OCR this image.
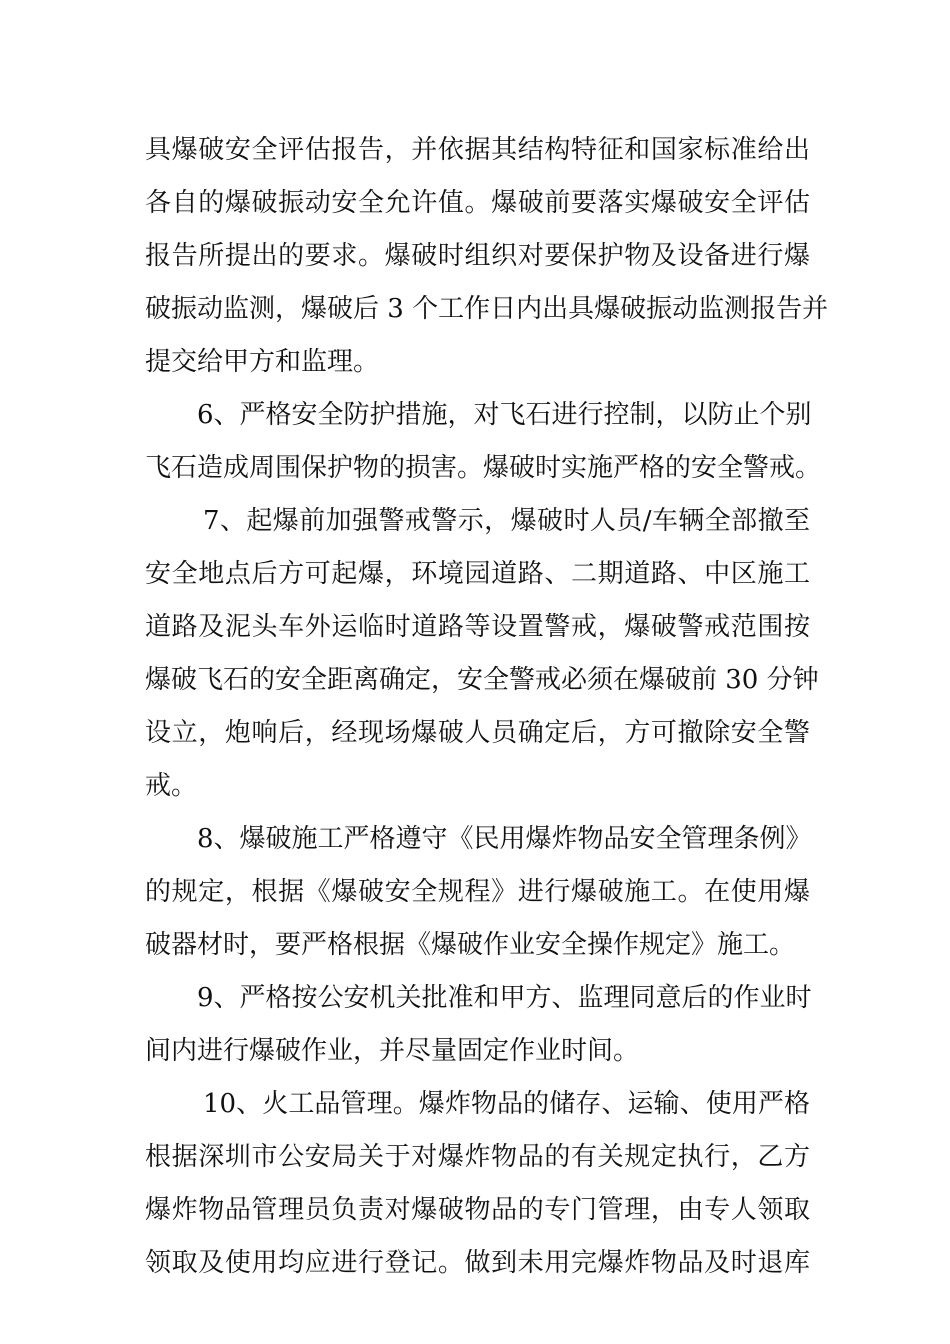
具爆破安全评估报告，并依据其结构特征和国家标准给出
各自的爆破振动安全允许值。爆破前要落实爆破安全评估
报告所提出的要求。爆破时组织对要保护物及设备进行爆
破振动监测，爆破后 3 个工作日内出具爆破振动监测报告并
提交给甲方和监理。
6、严格安全防护措施，对飞石进行控制，以防止个别
飞石造成周围保护物的损害。爆破时实施严格的安全警戒。
7、起爆前加强警戒警示，爆破时人员/车辆全部撤至
安全地点后方可起爆，环境园道路、二期道路、中区施工
道路及泥头车外运临时道路等设置警戒，爆破警戒范围按
爆破飞石的安全距离确定，安全警戒必须在爆破前 30 分钟
设立，炮响后，经现场爆破人员确定后，方可撤除安全警
戒。
8、爆破施工严格遵守《民用爆炸物品安全管理条例》
的规定，根据《爆破安全规程》进行爆破施工。在使用爆
破器材时，要严格根据《爆破作业安全操作规定》施工。
9、严格按公安机关批准和甲方、监理同意后的作业时
间内进行爆破作业，并尽量固定作业时间。
10、火工品管理。爆炸物品的储存、运输、使用严格
根据深圳市公安局关于对爆炸物品的有关规定执行，乙方
爆炸物品管理员负责对爆破物品的专门管理，由专人领取
领取及使用均应进行登记。做到未用完爆炸物品及时退库
